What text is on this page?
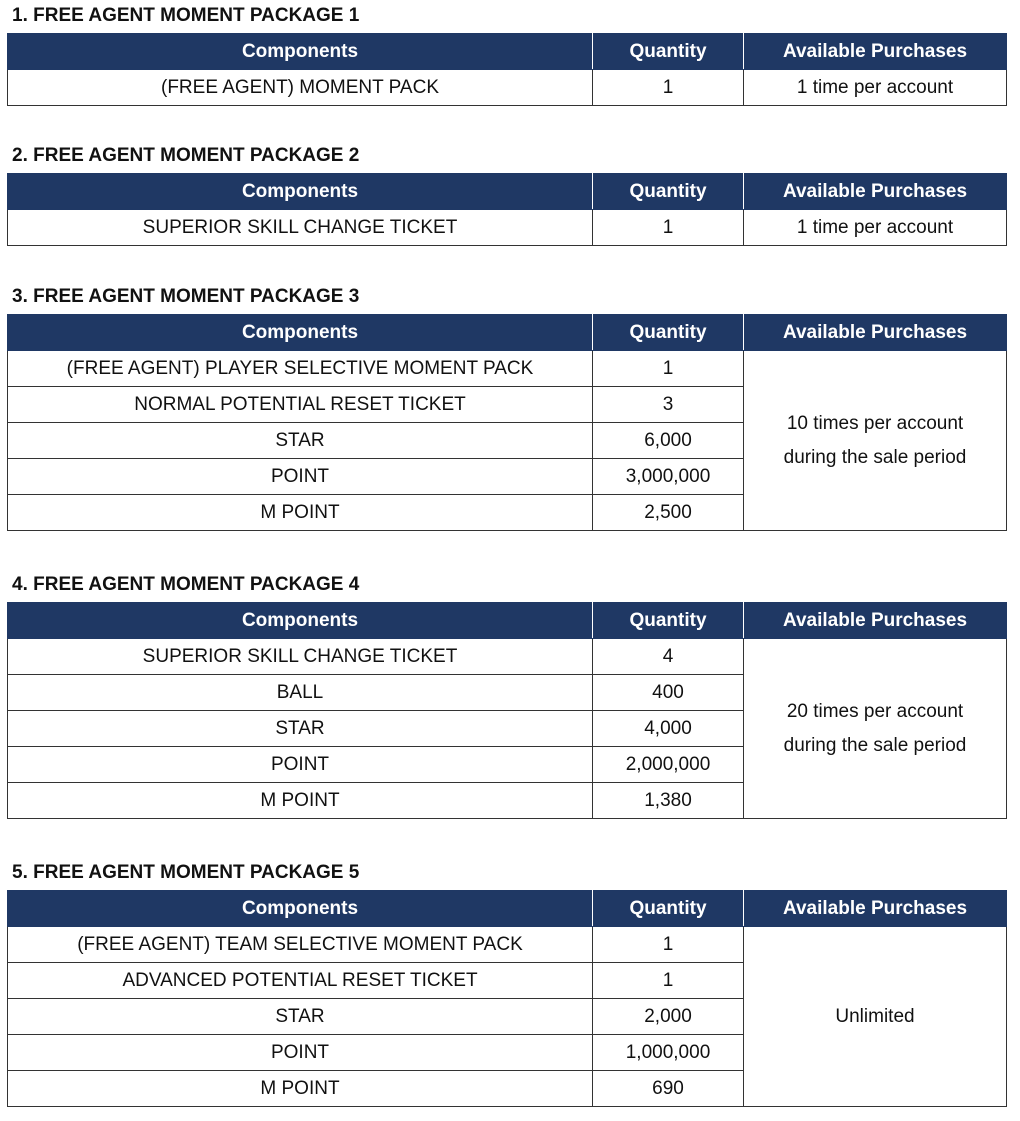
1. FREE AGENT MOMENT PACKAGE 1
Components	Quantity	Available Purchases
(FREE AGENT) MOMENT PACK	1	1 time per account
2. FREE AGENT MOMENT PACKAGE 2
Components	Quantity	Available Purchases
SUPERIOR SKILL CHANGE TICKET	1	1 time per account
3. FREE AGENT MOMENT PACKAGE 3
Components	Quantity	Available Purchases
(FREE AGENT) PLAYER SELECTIVE MOMENT PACK	1	10 times per account
during the sale period
NORMAL POTENTIAL RESET TICKET	3	
STAR	6,000	
POINT	3,000,000	
M POINT	2,500	
4. FREE AGENT MOMENT PACKAGE 4
Components	Quantity	Available Purchases
SUPERIOR SKILL CHANGE TICKET	4	20 times per account
during the sale period
BALL	400	
STAR	4,000	
POINT	2,000,000	
M POINT	1,380	
5. FREE AGENT MOMENT PACKAGE 5
Components	Quantity	Available Purchases
(FREE AGENT) TEAM SELECTIVE MOMENT PACK	1	Unlimited
ADVANCED POTENTIAL RESET TICKET	1	
STAR	2,000	
POINT	1,000,000	
M POINT	690	
